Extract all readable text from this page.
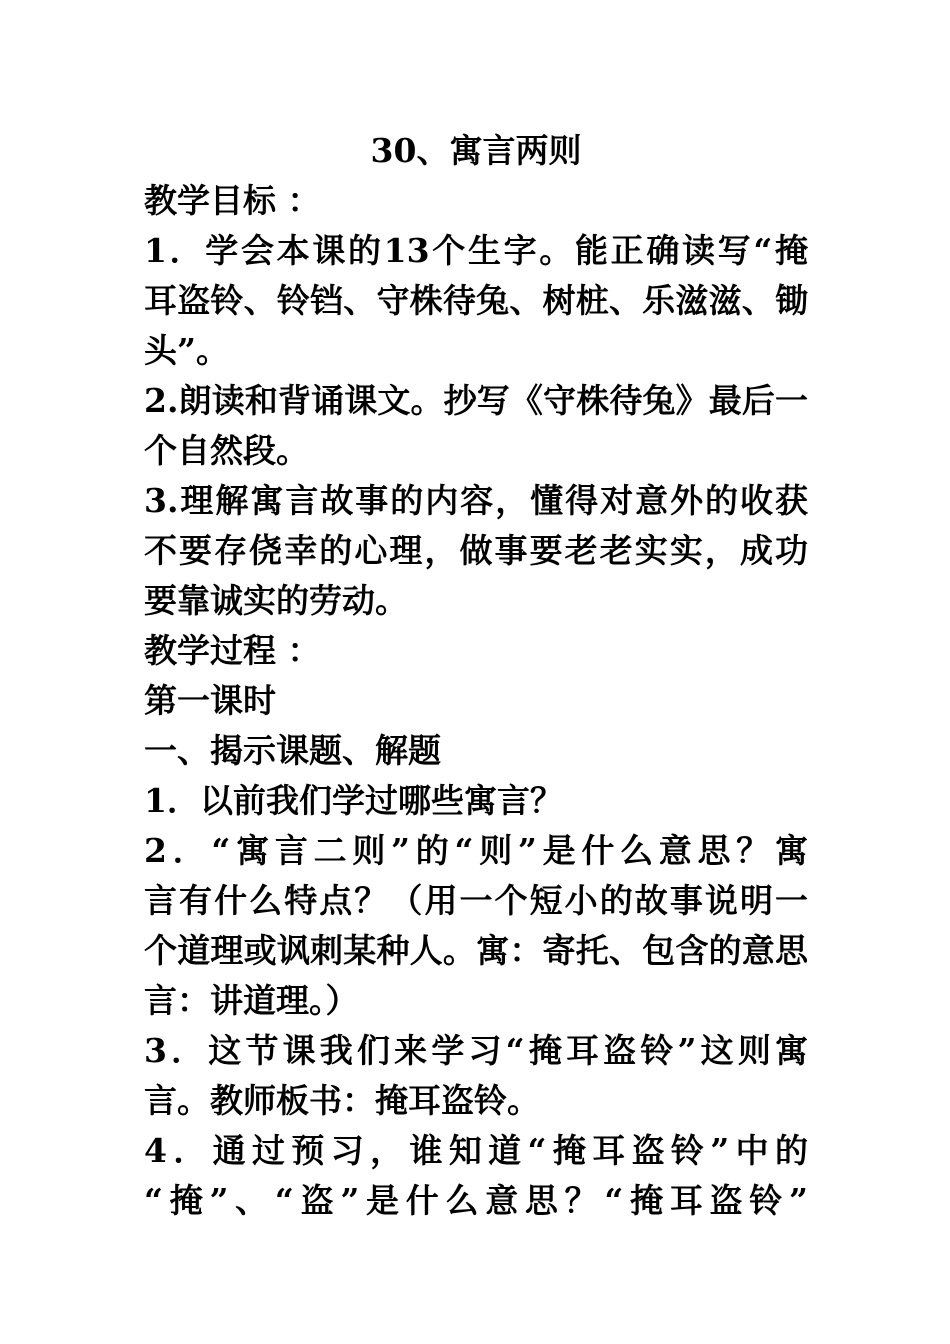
30、寓言两则
教学目标 ：
1．学会本课的13个生字。能正确读写“掩
耳盗铃、铃铛、守株待兔、树桩、乐滋滋、锄
头”。
2.朗读和背诵课文。抄写《守株待兔》最后一
个自然段。
3.理解寓言故事的内容，懂得对意外的收获
不要存侥幸的心理，做事要老老实实，成功
要靠诚实的劳动。
教学过程 ：
第一课时
一、揭示课题、解题
1．以前我们学过哪些寓言？
2．“寓言二则”的“则”是什么意思？寓
言有什么特点？（用一个短小的故事说明一
个道理或讽刺某种人。寓：寄托、包含的意思
言：讲道理。）
3．这节课我们来学习“掩耳盗铃”这则寓
言。教师板书：掩耳盗铃。
4．通过预习，谁知道“掩耳盗铃”中的
“掩”、“盗”是什么意思？“掩耳盗铃”
